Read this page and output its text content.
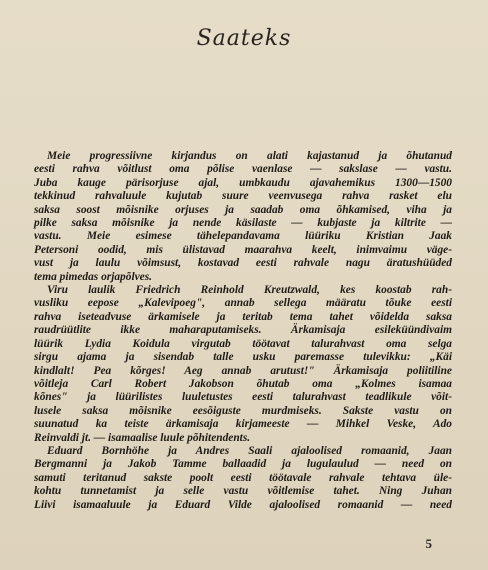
Saateks
Meie progressiivne kirjandus on alati kajastanud ja õhutanud
eesti rahva võitlust oma põlise vaenlase — sakslase — vastu.
Juba kauge pärisorjuse ajal, umbkaudu ajavahemikus 1300—1500
tekkinud rahvaluule kujutab suure veenvusega rahva rasket elu
saksa soost mõisnike orjuses ja saadab oma õhkamised, viha ja
pilke saksa mõisnike ja nende käsilaste — kubjaste ja kiltrite —
vastu. Meie esimese tähelepandavama lüüriku Kristian Jaak
Petersoni oodid, mis ülistavad maarahva keelt, inimvaimu väge-
vust ja laulu võimsust, kostavad eesti rahvale nagu äratushüüded
tema pimedas orjapõlves.
Viru laulik Friedrich Reinhold Kreutzwald, kes koostab rah-
vusliku eepose „Kalevipoeg", annab sellega määratu tõuke eesti
rahva iseteadvuse ärkamisele ja teritab tema tahet võidelda saksa
raudrüütlite ikke maharaputamiseks. Ärkamisaja esileküündivaim
lüürik Lydia Koidula virgutab töötavat talurahvast oma selga
sirgu ajama ja sisendab talle usku paremasse tulevikku: „Käi
kindlalt! Pea kõrges! Aeg annab arutust!" Ärkamisaja poliitiline
võitleja Carl Robert Jakobson õhutab oma „Kolmes isamaa
kõnes" ja lüürilistes luuletustes eesti talurahvast teadlikule võit-
lusele saksa mõisnike eesõiguste murdmiseks. Sakste vastu on
suunatud ka teiste ärkamisaja kirjameeste — Mihkel Veske, Ado
Reinvaldi jt. — isamaalise luule põhitendents.
Eduard Bornhöhe ja Andres Saali ajaloolised romaanid, Jaan
Bergmanni ja Jakob Tamme ballaadid ja lugulaulud — need on
samuti teritanud sakste poolt eesti töötavale rahvale tehtava üle-
kohtu tunnetamist ja selle vastu võitlemise tahet. Ning Juhan
Liivi isamaaluule ja Eduard Vilde ajaloolised romaanid — need
5
